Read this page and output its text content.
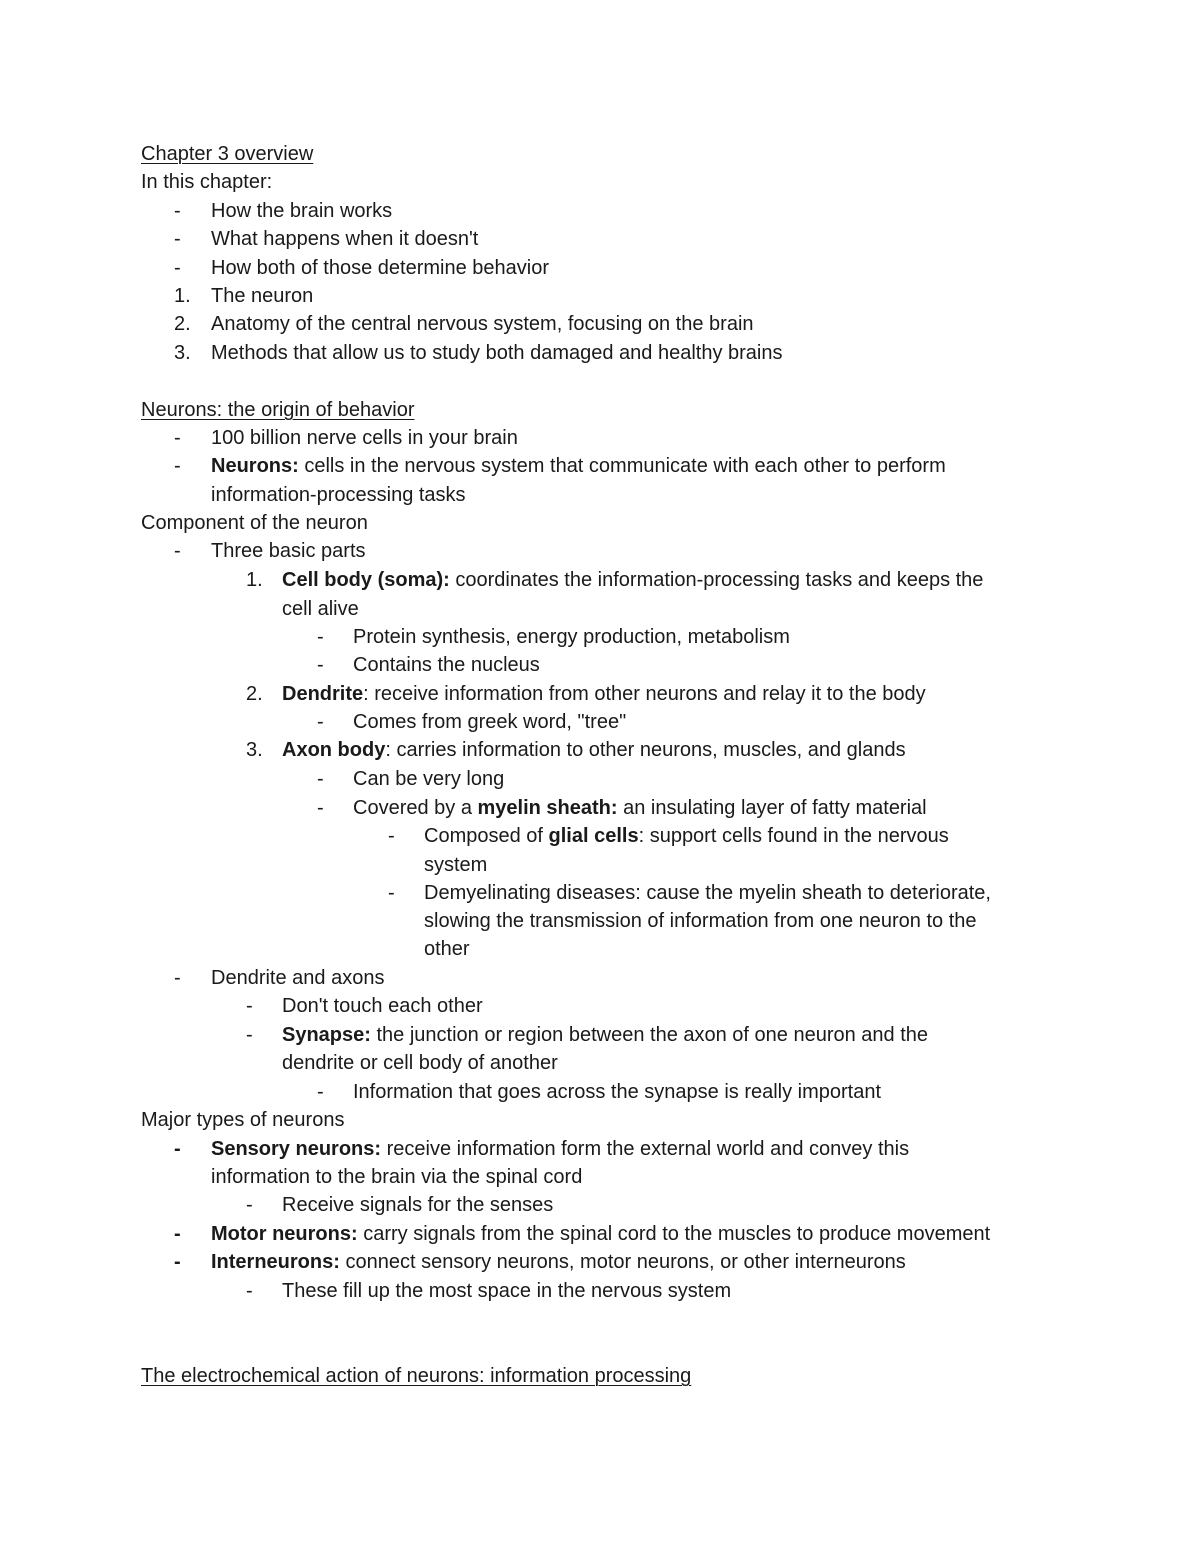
Chapter 3 overview
In this chapter:
-	How the brain works
-	What happens when it doesn't
-	How both of those determine behavior
1.	The neuron
2.	Anatomy of the central nervous system, focusing on the brain
3.	Methods that allow us to study both damaged and healthy brains
Neurons: the origin of behavior
-	100 billion nerve cells in your brain
-	Neurons: cells in the nervous system that communicate with each other to perform
information-processing tasks
Component of the neuron
-	Three basic parts
1. Cell body (soma): coordinates the information-processing tasks and keeps the
cell alive
-	Protein synthesis, energy production, metabolism
-	Contains the nucleus
2. Dendrite: receive information from other neurons and relay it to the body
-	Comes from greek word, "tree"
3. Axon body: carries information to other neurons, muscles, and glands
-	Can be very long
-	Covered by a myelin sheath: an insulating layer of fatty material
-	Composed of glial cells: support cells found in the nervous
system
-	Demyelinating diseases: cause the myelin sheath to deteriorate,
slowing the transmission of information from one neuron to the
other
-	Dendrite and axons
-	Don't touch each other
-	Synapse: the junction or region between the axon of one neuron and the
dendrite or cell body of another
-	Information that goes across the synapse is really important
Major types of neurons
-	Sensory neurons: receive information form the external world and convey this
information to the brain via the spinal cord
-	Receive signals for the senses
-	Motor neurons: carry signals from the spinal cord to the muscles to produce movement
-	Interneurons: connect sensory neurons, motor neurons, or other interneurons
-	These fill up the most space in the nervous system
The electrochemical action of neurons: information processing
